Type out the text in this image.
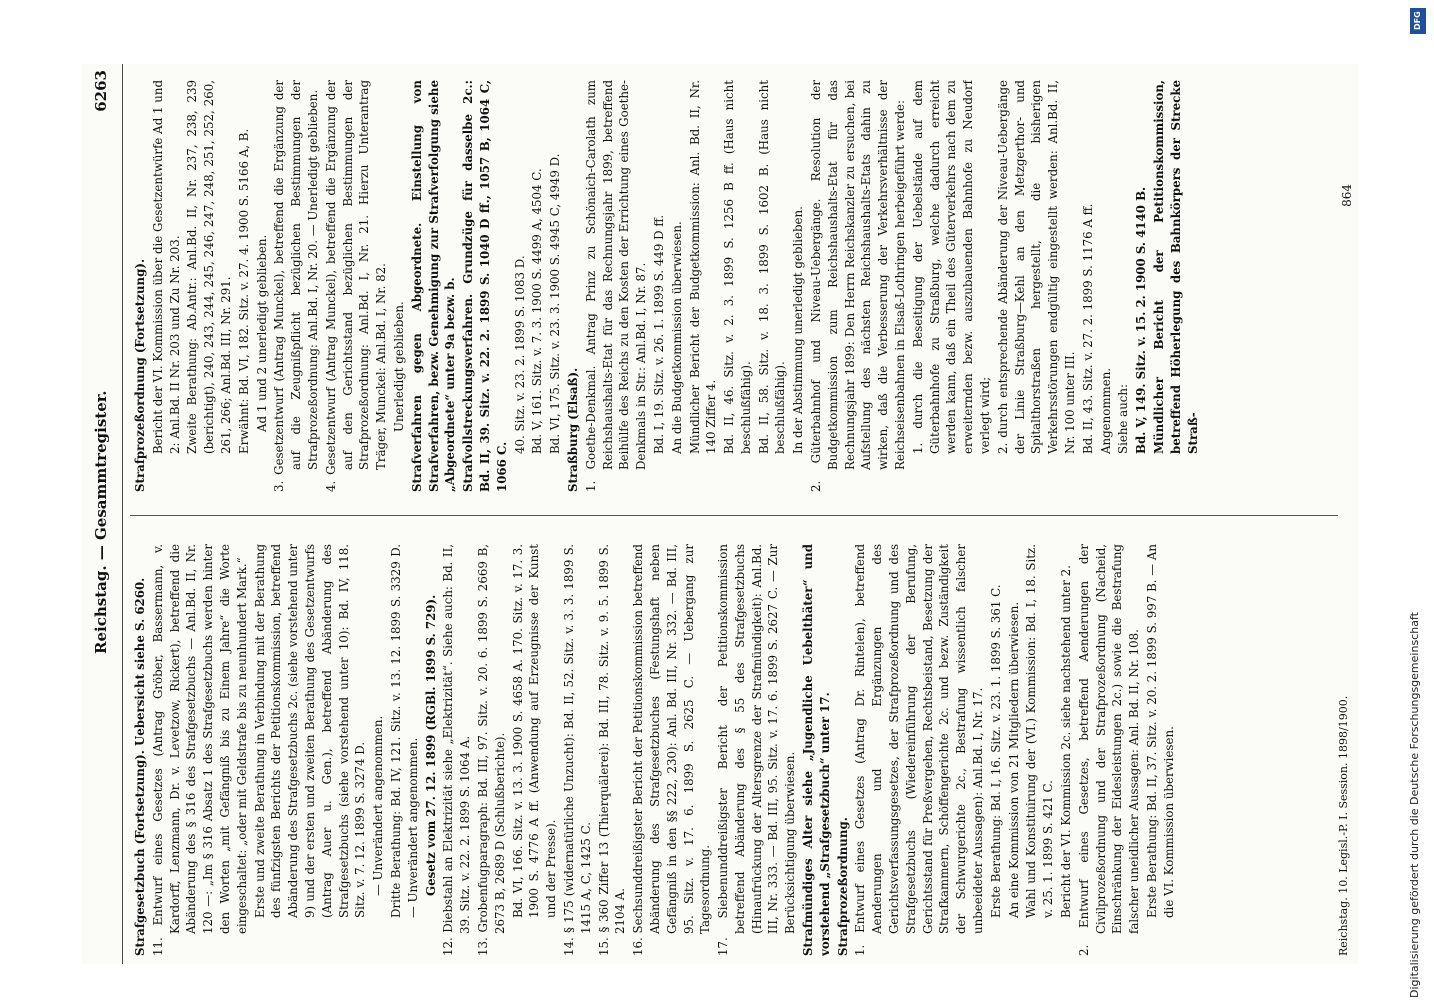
Reichstag. — Gesammtregister.
6263

Strafgesetzbuch (Fortsetzung). Uebersicht siehe S. 6260. 11. Entwurf eines Gesetzes (Antrag Gröber, Bassermann, v. Kardorff, Lenzmann, Dr. v. Levetzow, Rickert), betreffend die Abänderung des § 316 des Strafgesetzbuchs — Anl.Bd. II, Nr. 120 —: „Im § 316 Absatz 1 des Strafgesetzbuchs werden hinter den Worten „mit Gefängniß bis zu Einem Jahre“ die Worte eingeschaltet: „oder mit Geldstrafe bis zu neunhundert Mark.“ Erste und zweite Berathung in Verbindung mit der Berathung des fünfzigsten Berichts der Petitionskommission, betreffend Abänderung des Strafgesetzbuchs 2c. (siehe vorstehend unter 9) und der ersten und zweiten Berathung des Gesetzentwurfs (Antrag Auer u. Gen.), betreffend Abänderung des Strafgesetzbuchs (siehe vorstehend unter 10): Bd. IV, 118. Sitz. v. 7. 12. 1899 S. 3274 D. — Unverändert angenommen. Dritte Berathung: Bd. IV, 121. Sitz. v. 13. 12. 1899 S. 3329 D. — Unverändert angenommen. Gesetz vom 27. 12. 1899 (RGBl. 1899 S. 729). 12. Diebstahl an Elektrizität siehe „Elektrizität“. Siehe auch: Bd. II, 39. Sitz. v. 22. 2. 1899 S. 1064 A. 13. Grobenfugparagraph: Bd. III, 97. Sitz. v. 20. 6. 1899 S. 2669 B, 2673 B, 2689 D (Schlußberichte). Bd. VI, 166. Sitz. v. 13. 3. 1900 S. 4658 A. 170. Sitz. v. 17. 3. 1900 S. 4776 A ff. (Anwendung auf Erzeugnisse der Kunst und der Presse). 14. § 175 (widernatürliche Unzucht): Bd. II, 52. Sitz. v. 3. 3. 1899 S. 1415 A, C, 1425 C. 15. § 360 Ziffer 13 (Thierquälerei): Bd. III, 78. Sitz. v. 9. 5. 1899 S. 2104 A. 16. Sechsunddreißigster Bericht der Petitionskommission betreffend Abänderung des Strafgesetzbuches (Festungshaft neben Gefängniß in den §§ 222, 230): Anl. Bd. III, Nr. 332. — Bd. III, 95. Sitz. v. 17. 6. 1899 S. 2625 C. — Uebergang zur Tagesordnung. 17. Siebenunddreißigster Bericht der Petitionskommission betreffend Abänderung des § 55 des Strafgesetzbuchs (Hinaufrückung der Altersgrenze der Strafmündigkeit): Anl.Bd. III, Nr. 333. — Bd. III, 95. Sitz. v. 17. 6. 1899 S. 2627 C. — Zur Berücksichtigung überwiesen. Strafmündiges Alter siehe „Jugendliche Uebelthäter“ und vorstehend „Strafgesetzbuch“ unter 17. Strafprozeßordnung. 1. Entwurf eines Gesetzes (Antrag Dr. Rintelen), betreffend Aenderungen und Ergänzungen des Gerichtsverfassungsgesetzes, der Strafprozeßordnung und des Strafgesetzbuchs (Wiedereinführung der Berufung, Gerichtsstand für Preßvergehen, Rechtsbeistand, Besetzung der Strafkammern, Schöffengerichte 2c. und bezw. Zuständigkeit der Schwurgerichte 2c., Bestrafung wissentlich falscher unbeeideter Aussagen): Anl.Bd. I, Nr. 17. Erste Berathung: Bd. I, 16. Sitz. v. 23. 1. 1899 S. 361 C. An eine Kommission von 21 Mitgliedern überwiesen. Wahl und Konstituirung der (VI.) Kommission: Bd. I, 18. Sitz. v. 25. 1. 1899 S. 421 C. Bericht der VI. Kommission 2c. siehe nachstehend unter 2. 2. Entwurf eines Gesetzes, betreffend Aenderungen der Civilprozeßordnung und der Strafprozeßordnung (Nacheid, Einschränkung der Eidesleistungen 2c.) sowie die Bestrafung falscher uneidlicher Aussagen: Anl. Bd. II, Nr. 108. Erste Berathung: Bd. II, 37. Sitz. v. 20. 2. 1899 S. 997 B. — An die VI. Kommission überwiesen.

Strafprozeßordnung (Fortsetzung). Bericht der VI. Kommission über die Gesetzentwürfe Ad 1 und 2: Anl.Bd. II Nr. 203 und Zu Nr. 203. Zweite Berathung: Ab.Antr.: Anl.Bd. II, Nr. 237, 238, 239 (berichtigt), 240, 243, 244, 245, 246, 247, 248, 251, 252, 260, 261, 266; Anl.Bd. III, Nr. 291. Erwähnt: Bd. VI, 182. Sitz. v. 27. 4. 1900 S. 5166 A, B. Ad 1 und 2 unerledigt geblieben. 3. Gesetzentwurf (Antrag Munckel), betreffend die Ergänzung der auf die Zeugnißpflicht bezüglichen Bestimmungen der Strafprozeßordnung: Anl.Bd. I, Nr. 20. — Unerledigt geblieben. 4. Gesetzentwurf (Antrag Munckel), betreffend die Ergänzung der auf den Gerichtsstand bezüglichen Bestimmungen der Strafprozeßordnung: Anl.Bd. I, Nr. 21. Hierzu Unterantrag Träger, Munckel: Anl.Bd. I, Nr. 82. Unerledigt geblieben. Strafverfahren gegen Abgeordnete. Einstellung von Strafverfahren, bezw. Genehmigung zur Strafverfolgung siehe „Abgeordnete“ unter 9a bezw. b. Strafvollstreckungsverfahren. Grundzüge für dasselbe 2c.: Bd. II, 39. Sitz. v. 22. 2. 1899 S. 1040 D ff., 1057 B, 1064 C, 1066 C.

40. Sitz. v. 23. 2. 1899 S. 1083 D. Bd. V, 161. Sitz. v. 7. 3. 1900 S. 4499 A, 4504 C. Bd. VI, 175. Sitz. v. 23. 3. 1900 S. 4945 C, 4949 D. Straßburg (Elsaß). 1. Goethe-Denkmal. Antrag Prinz zu Schönaich-Carolath zum Reichshaushalts-Etat für das Rechnungsjahr 1899, betreffend Beihülfe des Reichs zu den Kosten der Errichtung eines Goethe-Denkmals in Str.: Anl.Bd. I, Nr. 87. Bd. I, 19. Sitz. v. 26. 1. 1899 S. 449 D ff. An die Budgetkommission überwiesen. Mündlicher Bericht der Budgetkommission: Anl. Bd. II, Nr. 140 Ziffer 4. Bd. II, 46. Sitz. v. 2. 3. 1899 S. 1256 B ff. (Haus nicht beschlußfähig). Bd. II, 58. Sitz. v. 18. 3. 1899 S. 1602 B. (Haus nicht beschlußfähig). In der Abstimmung unerledigt geblieben. 2. Güterbahnhof und Niveau-Uebergänge. Resolution der Budgetkommission zum Reichshaushalts-Etat für das Rechnungsjahr 1899: Den Herrn Reichskanzler zu ersuchen, bei Aufstellung des nächsten Reichshaushalts-Etats dahin zu wirken, daß die Verbesserung der Verkehrsverhältnisse der Reichseisenbahnen in Elsaß-Lothringen herbeigeführt werde: 1. durch die Beseitigung der Uebelstände auf dem Güterbahnhofe zu Straßburg, welche dadurch erreicht werden kann, daß ein Theil des Güterverkehrs nach dem zu erweiternden bezw. auszubauenden Bahnhofe zu Neudorf verlegt wird; 2. durch entsprechende Abänderung der Niveau-Uebergänge der Linie Straßburg—Kehl an den Metzgerthor- und Spitalthorstraßen hergestellt, die bisherigen Verkehrsstörungen endgültig eingestellt werden: Anl.Bd. II, Nr. 100 unter III. Bd. II, 43. Sitz. v. 27. 2. 1899 S. 1176 A ff. Angenommen. Siehe auch: Bd. V, 149. Sitz. v. 15. 2. 1900 S. 4140 B. Mündlicher Bericht der Petitionskommission, betreffend Höherlegung des Bahnkörpers der Strecke Straß-

Reichstag. 10. Legisl.-P. I. Session. 1898/1900.
864
Digitalisierung gefördert durch die Deutsche Forschungsgemeinschaft
DFG
